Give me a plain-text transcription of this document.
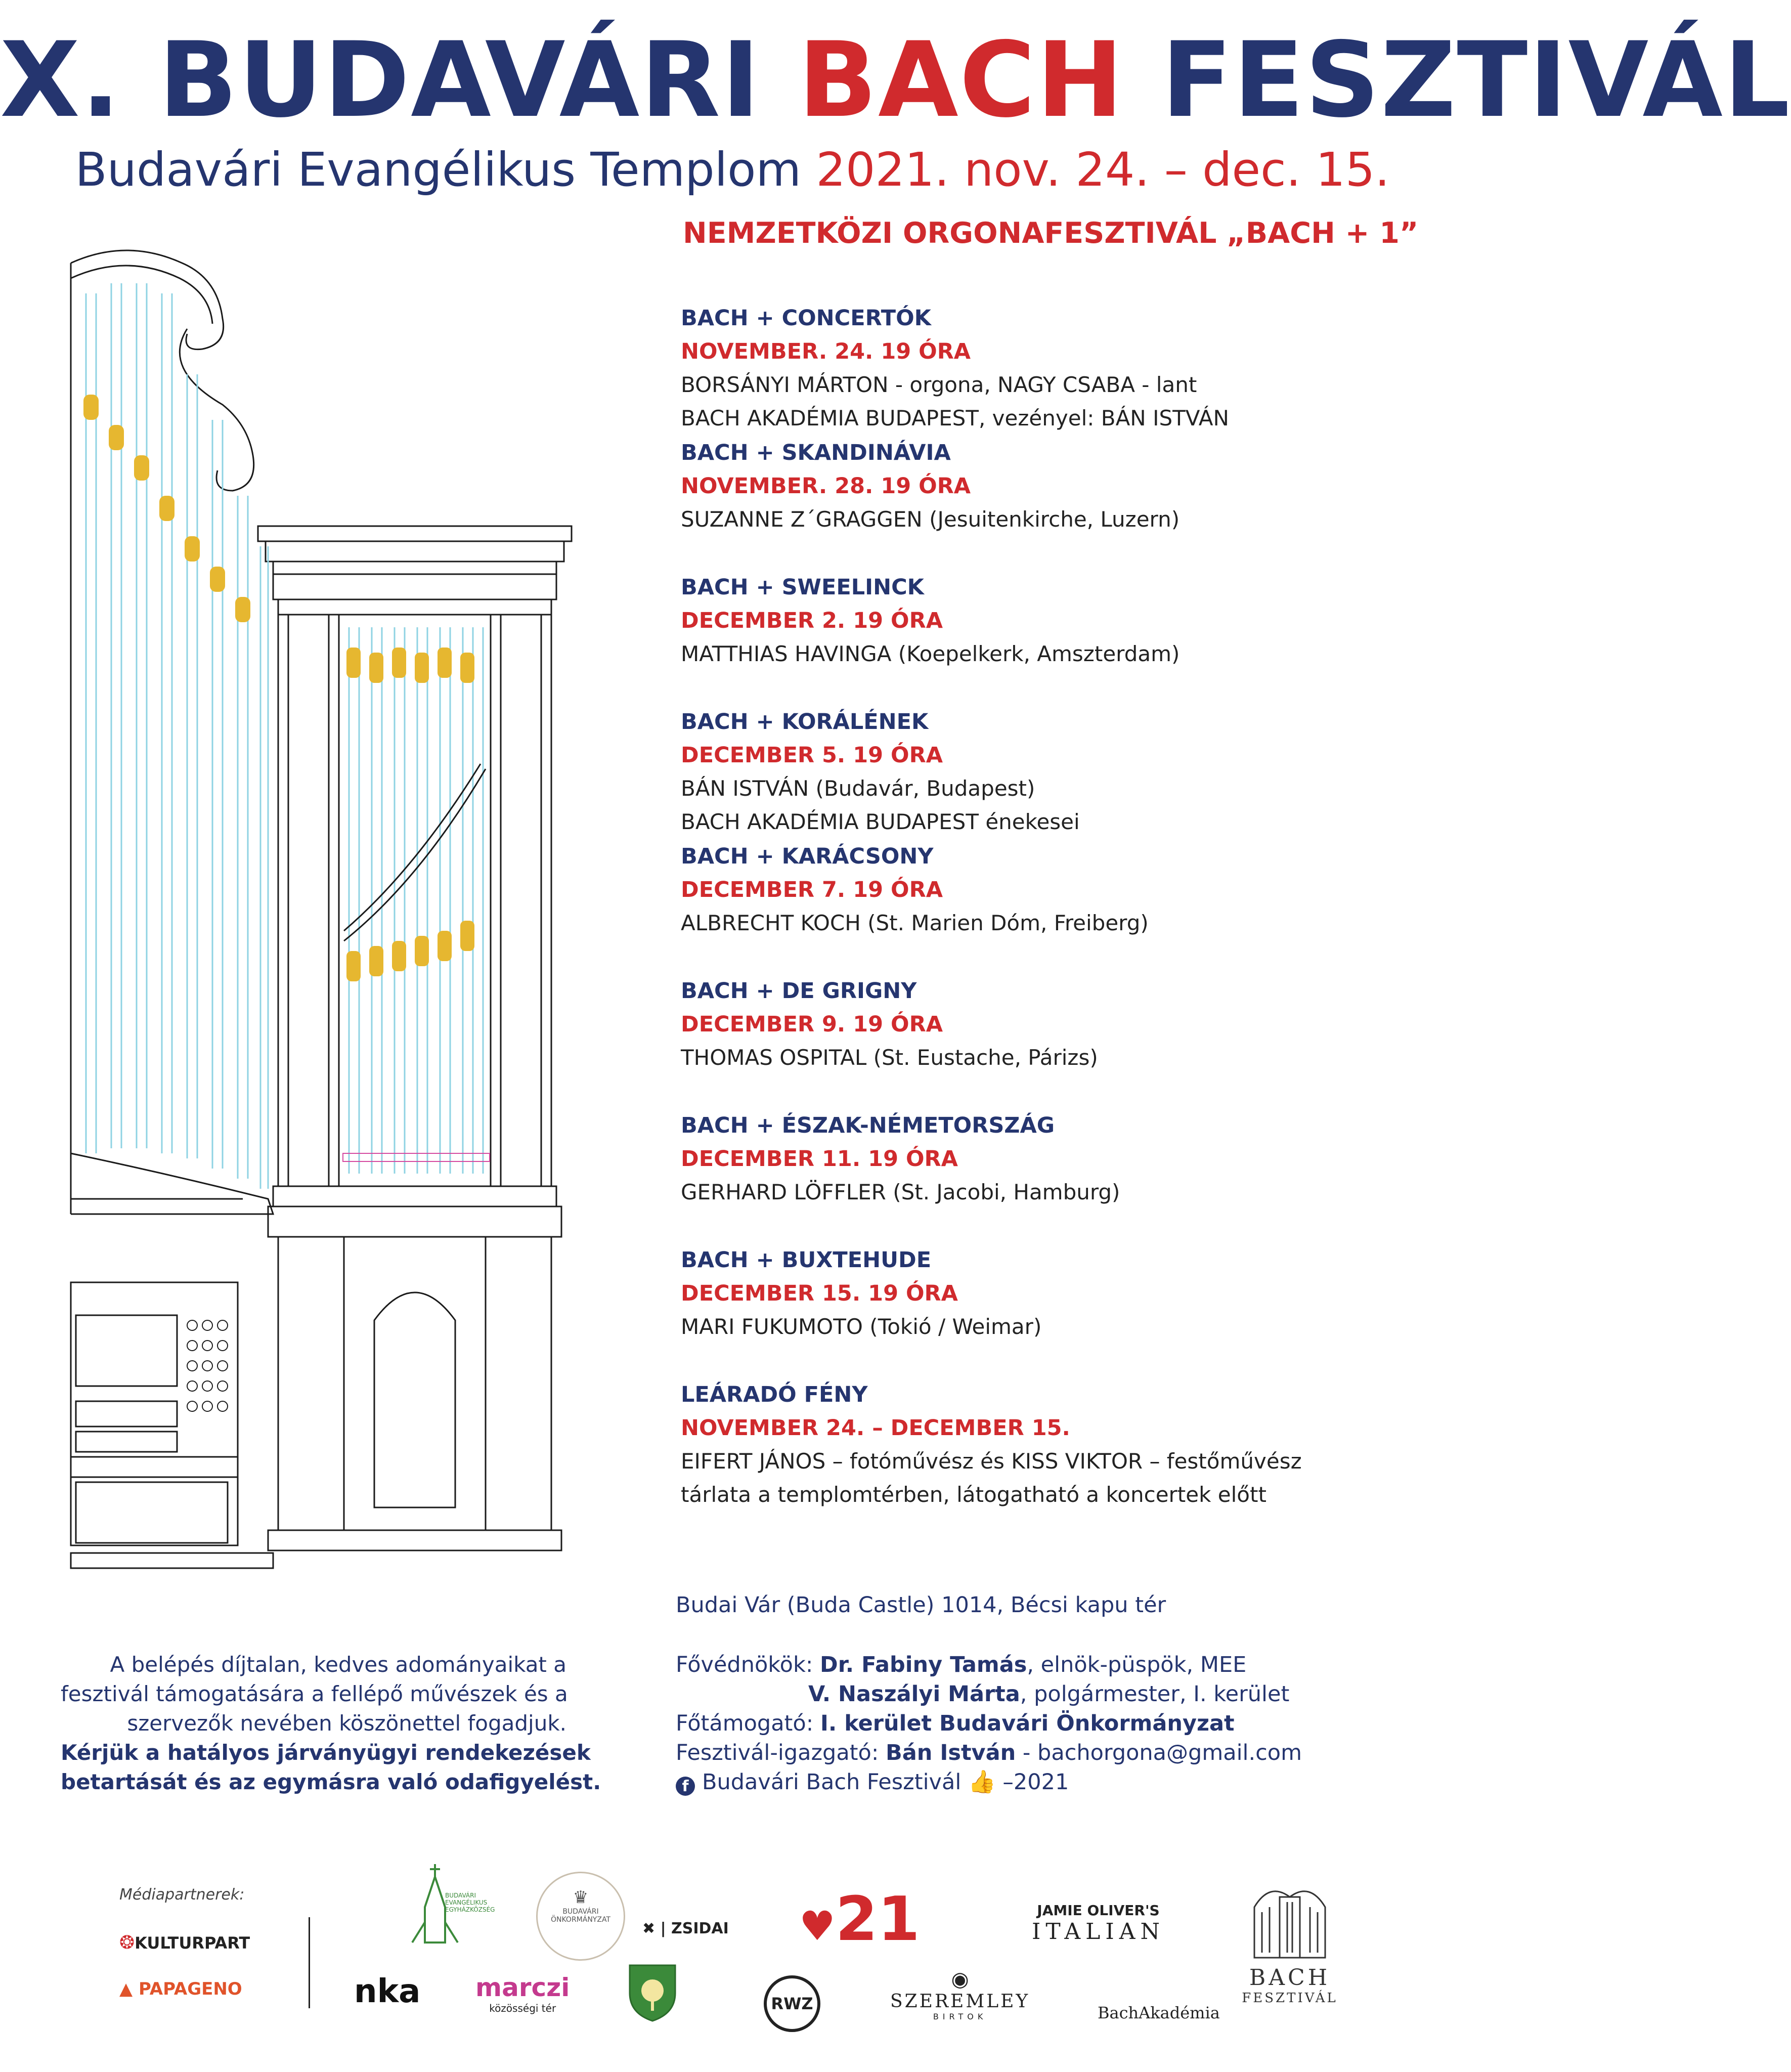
X. BUDAVÁRI BACH FESZTIVÁL
Budavári Evangélikus Templom 2021. nov. 24. – dec. 15.
NEMZETKÖZI ORGONAFESZTIVÁL „BACH + 1”
BACH + CONCERTÓK
NOVEMBER. 24. 19 ÓRA
BORSÁNYI MÁRTON - orgona, NAGY CSABA - lant
BACH AKADÉMIA BUDAPEST, vezényel: BÁN ISTVÁN
BACH + SKANDINÁVIA
NOVEMBER. 28. 19 ÓRA
SUZANNE Z´GRAGGEN (Jesuitenkirche, Luzern)
BACH + SWEELINCK
DECEMBER 2. 19 ÓRA
MATTHIAS HAVINGA (Koepelkerk, Amszterdam)
BACH + KORÁLÉNEK
DECEMBER 5. 19 ÓRA
BÁN ISTVÁN (Budavár, Budapest)
BACH AKADÉMIA BUDAPEST énekesei
BACH + KARÁCSONY
DECEMBER 7. 19 ÓRA
ALBRECHT KOCH (St. Marien Dóm, Freiberg)
BACH + DE GRIGNY
DECEMBER 9. 19 ÓRA
THOMAS OSPITAL (St. Eustache, Párizs)
BACH + ÉSZAK-NÉMETORSZÁG
DECEMBER 11. 19 ÓRA
GERHARD LÖFFLER (St. Jacobi, Hamburg)
BACH + BUXTEHUDE
DECEMBER 15. 19 ÓRA
MARI FUKUMOTO (Tokió / Weimar)
LEÁRADÓ FÉNY
NOVEMBER 24. – DECEMBER 15.
EIFERT JÁNOS – fotóművész és KISS VIKTOR – festőművész
tárlata a templomtérben, látogatható a koncertek előtt
Budai Vár (Buda Castle) 1014, Bécsi kapu tér
Fővédnökök: Dr. Fabiny Tamás, elnök-püspök, MEE
V. Naszályi Márta, polgármester, I. kerület
Főtámogató: I. kerület Budavári Önkormányzat
Fesztivál-igazgató: Bán István - bachorgona@gmail.com
f Budavári Bach Fesztivál 👍 –2021
A belépés díjtalan, kedves adományaikat a
fesztivál támogatására a fellépő művészek és a
szervezők nevében köszönettel fogadjuk.
Kérjük a hatályos járványügyi rendekezések
betartását és az egymásra való odafigyelést.
Médiapartnerek:
❂KULTURPART
▲ PAPAGENO
BUDAVÁRI
EVANGÉLIKUS
EGYHÁZKÖZSÉG
♛
BUDAVÁRI
ÖNKORMÁNYZAT	✖ | ZSIDAI ♥21	JAMIE OLIVER'S
ITALIAN
BACH
FESZTIVÁL
nka marczi
közösségi tér	RWZ
◉
SZEREMLEY
BIRTOK	BachAkadémia
